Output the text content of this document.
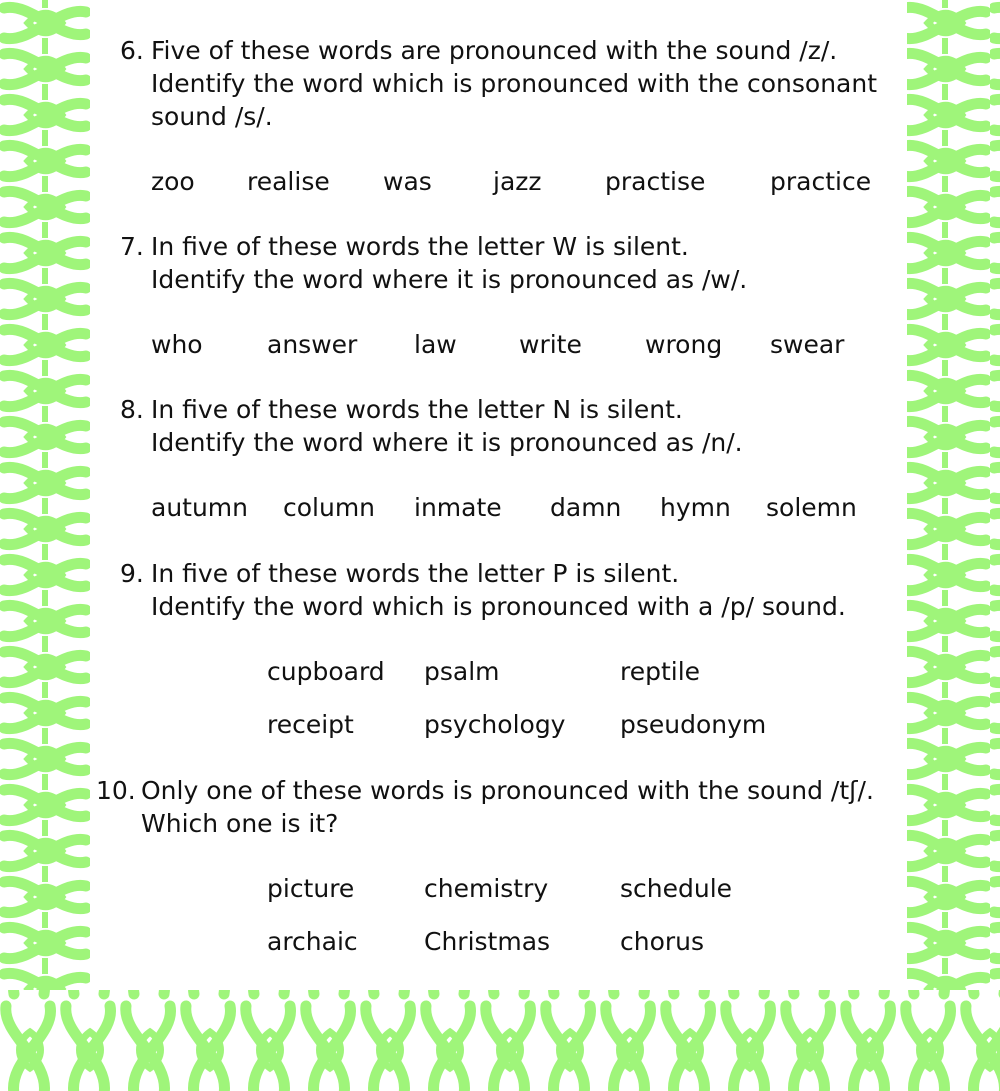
6. Five of these words are pronounced with the sound /z/.
Identify the word which is pronounced with the consonant
sound /s/.
zoo realise was jazz	practise	practice
7. In five of these words the letter W is silent.
Identify the word where it is pronounced as /w/.
who	answer law write	wrong swear
8. In five of these words the letter N is silent.
Identify the word where it is pronounced as /n/.
autumn column inmate damn hymn solemn
9. In five of these words the letter P is silent.
Identify the word which is pronounced with a /p/ sound.
cupboard psalm	reptile
receipt	psychology pseudonym
10. Only one of these words is pronounced with the sound /tʃ/.
Which one is it?
picture	chemistry	schedule
archaic	Christmas	chorus
